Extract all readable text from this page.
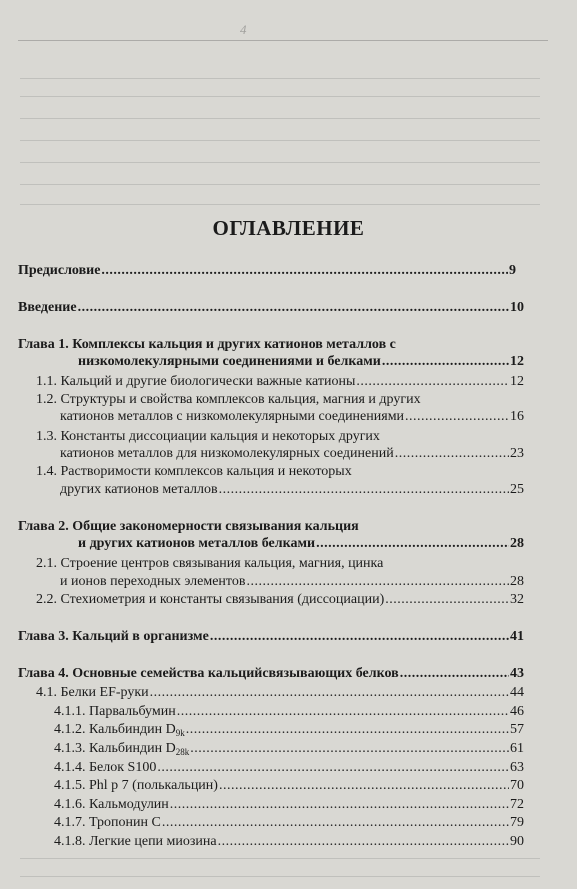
4
ОГЛАВЛЕНИЕ
Предисловие .....	9
Введение .....	10
Глава 1. Комплексы кальция и других катионов металлов с
низкомолекулярными соединениями и белками .....	12
1.1. Кальций и другие биологически важные катионы .....	12
1.2. Структуры и свойства комплексов кальция, магния и других
катионов металлов с низкомолекулярными соединениями .....	16
1.3. Константы диссоциации кальция и некоторых других
катионов металлов для низкомолекулярных соединений .....	23
1.4. Растворимости комплексов кальция и некоторых
других катионов металлов .....	25
Глава 2. Общие закономерности связывания кальция
и других катионов металлов белками .....	28
2.1. Строение центров связывания кальция, магния, цинка
и ионов переходных элементов .....	28
2.2. Стехиометрия и константы связывания (диссоциации) .....	32
Глава 3. Кальций в организме .....	41
Глава 4. Основные семейства кальцийсвязывающих белков .....	43
4.1. Белки EF-руки .....	44
4.1.1. Парвальбумин .....	46
4.1.2. Кальбиндин $D_{9k}$ .....	57
4.1.3. Кальбиндин $D_{28k}$ .....	61
4.1.4. Белок S100 .....	63
4.1.5. Phl p 7 (полькальцин) .....	70
4.1.6. Кальмодулин .....	72
4.1.7. Тропонин С .....	79
4.1.8. Легкие цепи миозина .....	90
